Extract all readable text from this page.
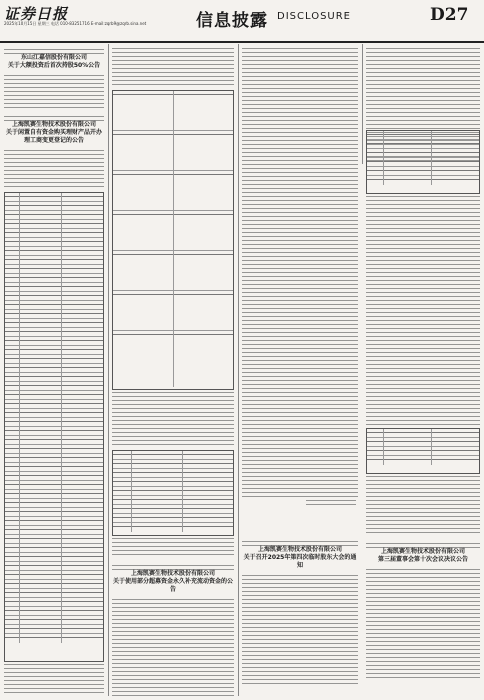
证券日报
2025年10月15日 星期三 电话 010-83251716 E-mail:zqrb9@zqrb.sina.net	信息披露 DISCLOSURE	D27
东山江嘉信股份有限公司
关于大额投资后首次持股50%公告
上海凯赛生物技术股份有限公司
关于闲置自有资金购买理财产品开办理工商变更登记的公告
上海凯赛生物技术股份有限公司
关于使用部分超募资金永久补充流动资金的公告
上海凯赛生物技术股份有限公司
关于召开2025年第四次临时股东大会的通知
上海凯赛生物技术股份有限公司
第三届董事会第十次会议决议公告
